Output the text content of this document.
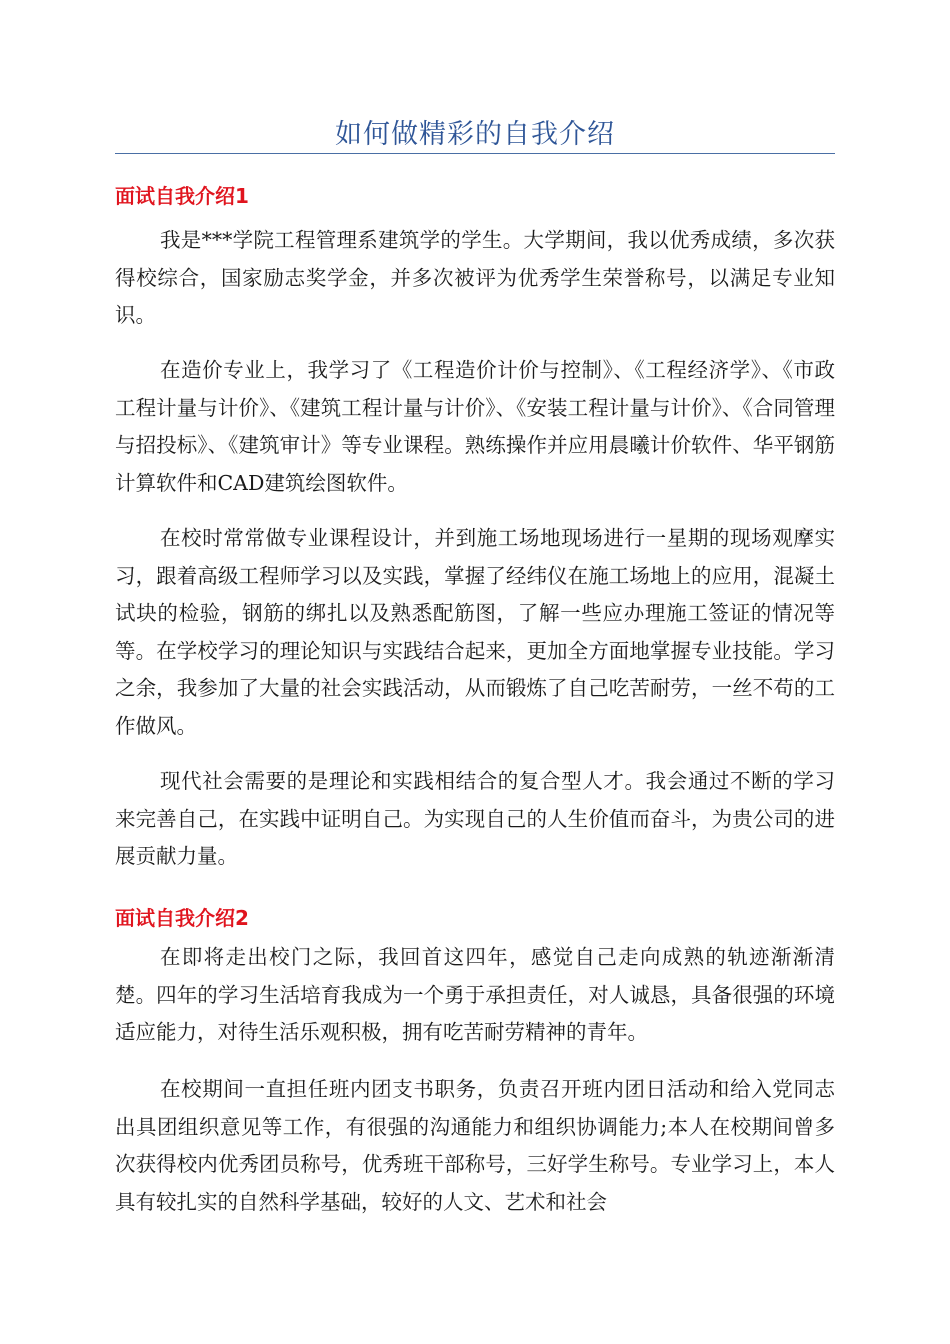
如何做精彩的自我介绍
面试自我介绍1

我是***学院工程管理系建筑学的学生。大学期间，我以优秀成绩，多次获得校综合，国家励志奖学金，并多次被评为优秀学生荣誉称号，以满足专业知识。

在造价专业上，我学习了《工程造价计价与控制》、《工程经济学》、《市政工程计量与计价》、《建筑工程计量与计价》、《安装工程计量与计价》、《合同管理与招投标》、《建筑审计》等专业课程。熟练操作并应用晨曦计价软件、华平钢筋计算软件和CAD建筑绘图软件。

在校时常常做专业课程设计，并到施工场地现场进行一星期的现场观摩实习，跟着高级工程师学习以及实践，掌握了经纬仪在施工场地上的应用，混凝土试块的检验，钢筋的绑扎以及熟悉配筋图，了解一些应办理施工签证的情况等等。在学校学习的理论知识与实践结合起来，更加全方面地掌握专业技能。学习之余，我参加了大量的社会实践活动，从而锻炼了自己吃苦耐劳，一丝不苟的工作做风。

现代社会需要的是理论和实践相结合的复合型人才。我会通过不断的学习来完善自己，在实践中证明自己。为实现自己的人生价值而奋斗，为贵公司的进展贡献力量。

面试自我介绍2

在即将走出校门之际，我回首这四年，感觉自己走向成熟的轨迹渐渐清楚。四年的学习生活培育我成为一个勇于承担责任，对人诚恳，具备很强的环境适应能力，对待生活乐观积极，拥有吃苦耐劳精神的青年。

在校期间一直担任班内团支书职务，负责召开班内团日活动和给入党同志出具团组织意见等工作，有很强的沟通能力和组织协调能力;本人在校期间曾多次获得校内优秀团员称号，优秀班干部称号，三好学生称号。专业学习上，本人具有较扎实的自然科学基础，较好的人文、艺术和社会
